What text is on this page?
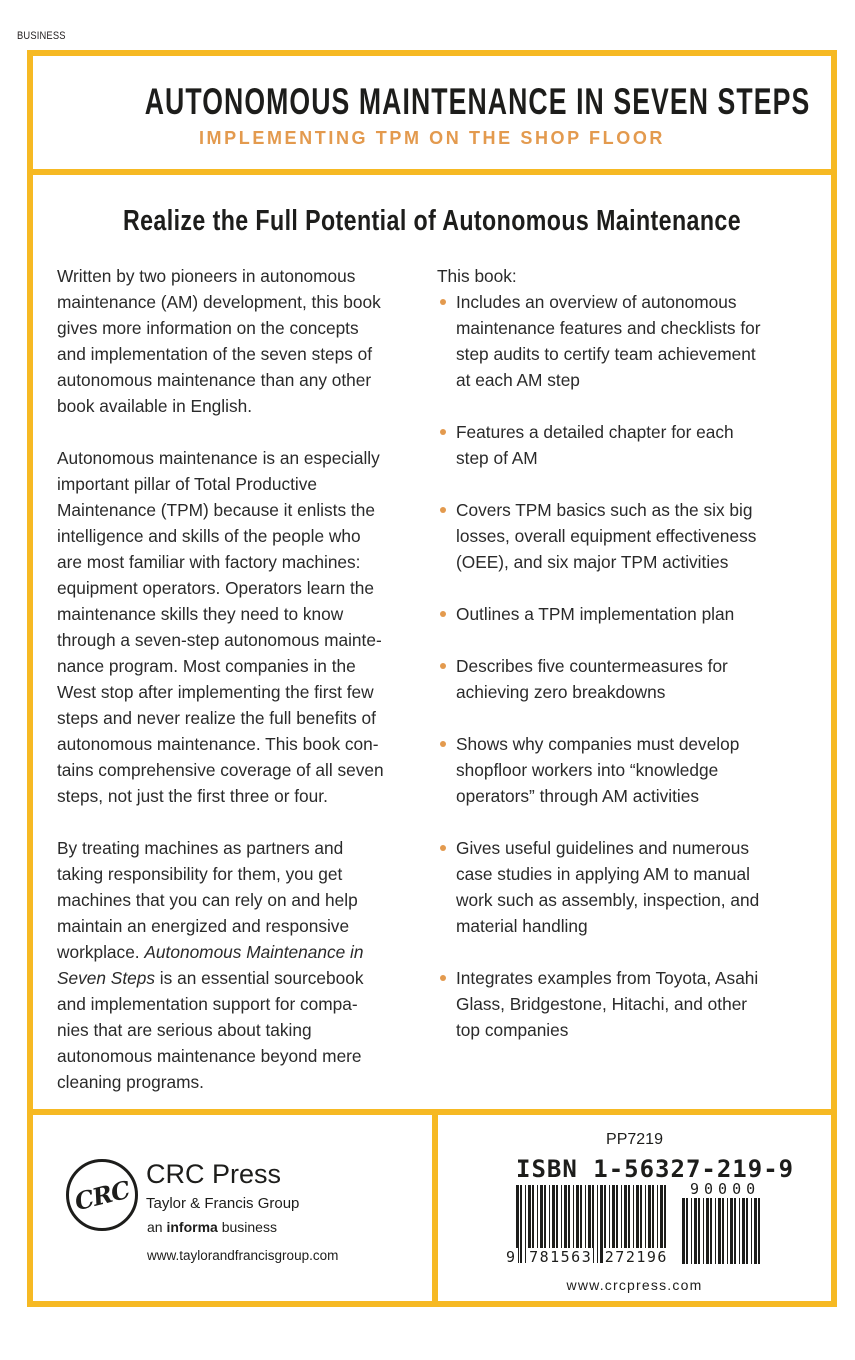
BUSINESS
AUTONOMOUS MAINTENANCE IN SEVEN STEPS
IMPLEMENTING TPM ON THE SHOP FLOOR
Realize the Full Potential of Autonomous Maintenance

Written by two pioneers in autonomous
maintenance (AM) development, this book
gives more information on the concepts
and implementation of the seven steps of
autonomous maintenance than any other
book available in English.

Autonomous maintenance is an especially
important pillar of Total Productive
Maintenance (TPM) because it enlists the
intelligence and skills of the people who
are most familiar with factory machines:
equipment operators. Operators learn the
maintenance skills they need to know
through a seven-step autonomous mainte-
nance program. Most companies in the
West stop after implementing the first few
steps and never realize the full benefits of
autonomous maintenance. This book con-
tains comprehensive coverage of all seven
steps, not just the first three or four.

By treating machines as partners and
taking responsibility for them, you get
machines that you can rely on and help
maintain an energized and responsive
workplace. Autonomous Maintenance in
Seven Steps is an essential sourcebook
and implementation support for compa-
nies that are serious about taking
autonomous maintenance beyond mere
cleaning programs.

This book:
Includes an overview of autonomous
maintenance features and checklists for
step audits to certify team achievement
at each AM step
Features a detailed chapter for each
step of AM
Covers TPM basics such as the six big
losses, overall equipment effectiveness
(OEE), and six major TPM activities
Outlines a TPM implementation plan
Describes five countermeasures for
achieving zero breakdowns
Shows why companies must develop
shopfloor workers into “knowledge
operators” through AM activities
Gives useful guidelines and numerous
case studies in applying AM to manual
work such as assembly, inspection, and
material handling
Integrates examples from Toyota, Asahi
Glass, Bridgestone, Hitachi, and other
top companies
CRC
CRC Press
Taylor & Francis Group
an informa business
www.taylorandfrancisgroup.com
PP7219
ISBN 1-56327-219-9
90000
9 781563 272196
www.crcpress.com
